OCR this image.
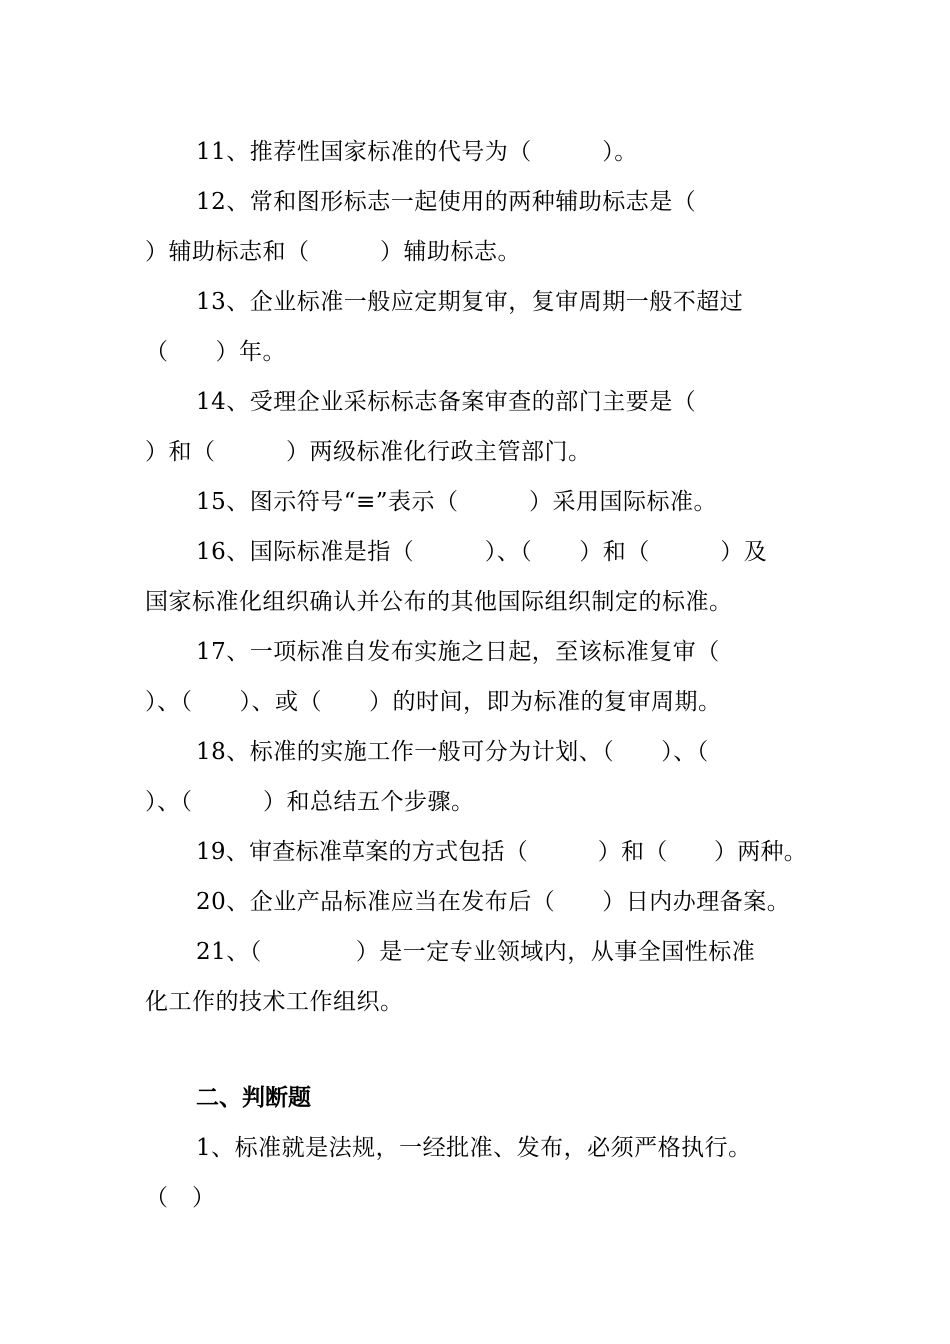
11、推荐性国家标准的代号为（　　　）。
12、常和图形标志一起使用的两种辅助标志是（
）辅助标志和（　　　）辅助标志。
13、企业标准一般应定期复审，复审周期一般不超过
（　　）年。
14、受理企业采标标志备案审查的部门主要是（
）和（　　　）两级标准化行政主管部门。
15、图示符号“≡”表示（　　　）采用国际标准。
16、国际标准是指（　　　）、（　　）和（　　　）及
国家标准化组织确认并公布的其他国际组织制定的标准。
17、一项标准自发布实施之日起，至该标准复审（
）、（　　）、或（　　）的时间，即为标准的复审周期。
18、标准的实施工作一般可分为计划、（　　）、（
）、（　　　）和总结五个步骤。
19、审查标准草案的方式包括（　　　）和（　　）两种。
20、企业产品标准应当在发布后（　　）日内办理备案。
21、（　　　　）是一定专业领域内，从事全国性标准
化工作的技术工作组织。
二、判断题
1、标准就是法规，一经批准、发布，必须严格执行。
（　）
